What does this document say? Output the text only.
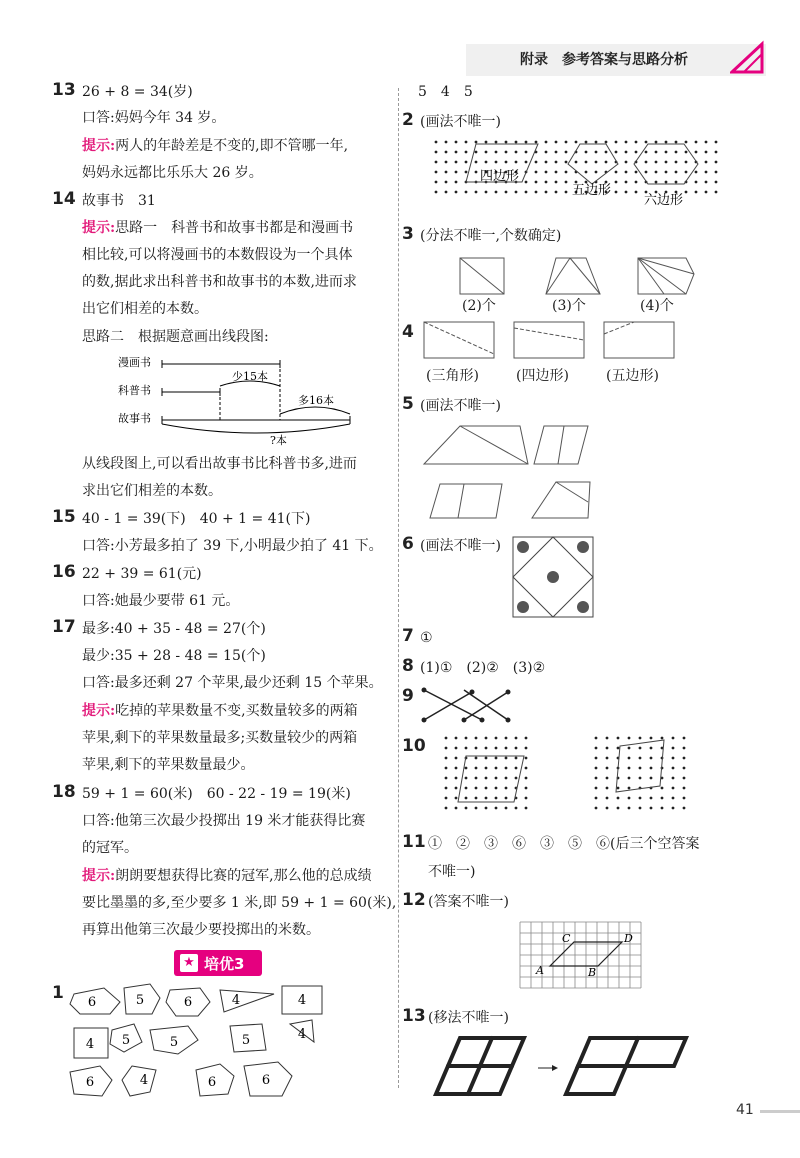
附录　参考答案与思路分析
13 26 + 8 = 34(岁)
口答:妈妈今年 34 岁。
提示:两人的年龄差是不变的,即不管哪一年,
妈妈永远都比乐乐大 26 岁。
14 故事书　31
提示:思路一　科普书和故事书都是和漫画书
相比较,可以将漫画书的本数假设为一个具体
的数,据此求出科普书和故事书的本数,进而求
出它们相差的本数。
思路二　根据题意画出线段图:
漫画书
科普书
故事书
少15本
多16本
?本
从线段图上,可以看出故事书比科普书多,进而
求出它们相差的本数。
15 40 - 1 = 39(下)　40 + 1 = 41(下)
口答:小芳最多拍了 39 下,小明最少拍了 41 下。
16 22 + 39 = 61(元)
口答:她最少要带 61 元。
17 最多:40 + 35 - 48 = 27(个)
最少:35 + 28 - 48 = 15(个)
口答:最多还剩 27 个苹果,最少还剩 15 个苹果。
提示:吃掉的苹果数量不变,买数量较多的两箱
苹果,剩下的苹果数量最多;买数量较少的两箱
苹果,剩下的苹果数量最少。
18 59 + 1 = 60(米)　60 - 22 - 19 = 19(米)
口答:他第三次最少投掷出 19 米才能获得比赛
的冠军。
提示:朗朗要想获得比赛的冠军,那么他的总成绩
要比墨墨的多,至少要多 1 米,即 59 + 1 = 60(米),
再算出他第三次最少要投掷出的米数。
★ 培优3
1 6	5	6	4	4
4 5	5	5	4
6	4	6	6
5　4　5
2 (画法不唯一)
四边形
五边形
六边形
3 (分法不唯一,个数确定)
(2)个	(3)个	(4)个
4
(三角形)	(四边形)	(五边形)
5 (画法不唯一)
6 (画法不唯一)
7 ①
8 (1)①　(2)②　(3)②
9
10
11 ①　②　③　⑥　③　⑤　⑥(后三个空答案
不唯一)
12 (答案不唯一)
C	D
A	B
13 (移法不唯一)
41
